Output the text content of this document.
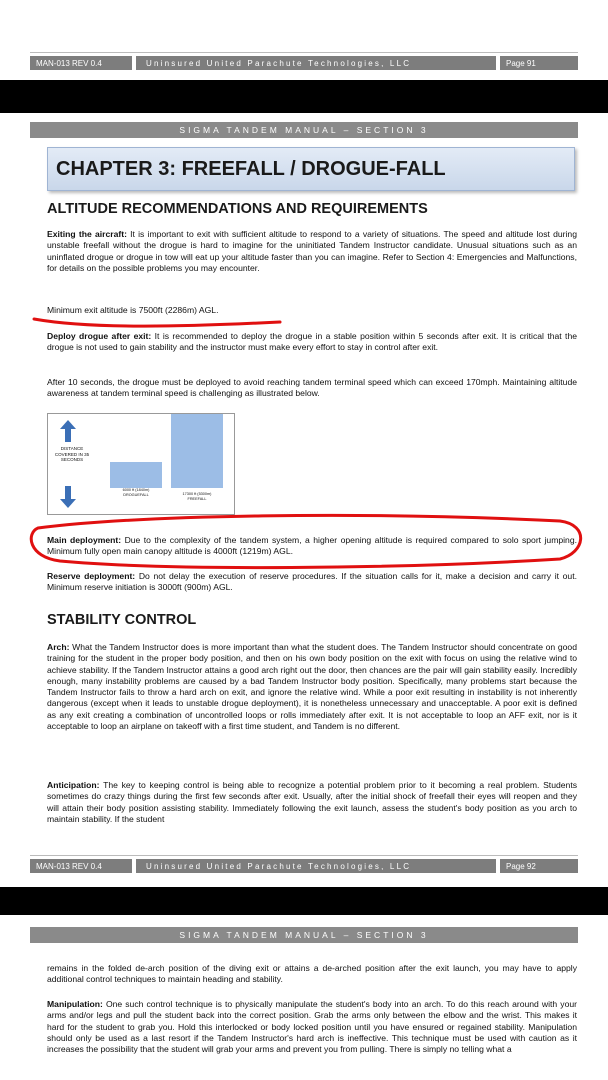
MAN-013 REV 0.4	Uninsured United Parachute Technologies, LLC	Page 91
SIGMA TANDEM MANUAL – SECTION 3
CHAPTER 3: FREEFALL / DROGUE-FALL
ALTITUDE RECOMMENDATIONS AND REQUIREMENTS
Exiting the aircraft: It is important to exit with sufficient altitude to respond to a variety of situations. The speed and altitude lost during unstable freefall without the drogue is hard to imagine for the uninitiated Tandem Instructor candidate. Unusual situations such as an uninflated drogue or drogue in tow will eat up your altitude faster than you can imagine. Refer to Section 4: Emergencies and Malfunctions, for details on the possible problems you may encounter.
Minimum exit altitude is 7500ft (2286m) AGL.
Deploy drogue after exit: It is recommended to deploy the drogue in a stable position within 5 seconds after exit. It is critical that the drogue is not used to gain stability and the instructor must make every effort to stay in control after exit.
After 10 seconds, the drogue must be deployed to avoid reaching tandem terminal speed which can exceed 170mph. Maintaining altitude awareness at tandem terminal speed is challenging as illustrated below.
DISTANCE COVERED IN 35 SECONDS
6000 ft (1840m)
DROGUEFALL	17300 ft (5300m)
FREEFALL
Main deployment: Due to the complexity of the tandem system, a higher opening altitude is required compared to solo sport jumping. Minimum fully open main canopy altitude is 4000ft (1219m) AGL.
Reserve deployment: Do not delay the execution of reserve procedures. If the situation calls for it, make a decision and carry it out. Minimum reserve initiation is 3000ft (900m) AGL.
STABILITY CONTROL
Arch: What the Tandem Instructor does is more important than what the student does. The Tandem Instructor should concentrate on good training for the student in the proper body position, and then on his own body position on the exit with focus on using the relative wind to achieve stability. If the Tandem Instructor attains a good arch right out the door, then chances are the pair will gain stability easily. Incredibly enough, many instability problems are caused by a bad Tandem Instructor body position. Specifically, many problems start because the Tandem Instructor fails to throw a hard arch on exit, and ignore the relative wind. While a poor exit resulting in instability is not inherently dangerous (except when it leads to unstable drogue deployment), it is nonetheless unnecessary and unacceptable. A poor exit is defined as any exit creating a combination of uncontrolled loops or rolls immediately after exit. It is not acceptable to loop an AFF exit, nor is it acceptable to loop an airplane on takeoff with a first time student, and Tandem is no different.
Anticipation: The key to keeping control is being able to recognize a potential problem prior to it becoming a real problem. Students sometimes do crazy things during the first few seconds after exit. Usually, after the initial shock of freefall their eyes will reopen and they will attain their body position assisting stability. Immediately following the exit launch, assess the student's body position as you arch to maintain stability. If the student
MAN-013 REV 0.4	Uninsured United Parachute Technologies, LLC	Page 92
SIGMA TANDEM MANUAL – SECTION 3
remains in the folded de-arch position of the diving exit or attains a de-arched position after the exit launch, you may have to apply additional control techniques to maintain heading and stability.
Manipulation: One such control technique is to physically manipulate the student's body into an arch. To do this reach around with your arms and/or legs and pull the student back into the correct position. Grab the arms only between the elbow and the wrist. This makes it hard for the student to grab you. Hold this interlocked or body locked position until you have ensured or regained stability. Manipulation should only be used as a last resort if the Tandem Instructor's hard arch is ineffective. This technique must be used with caution as it increases the possibility that the student will grab your arms and prevent you from pulling. There is simply no telling what a
